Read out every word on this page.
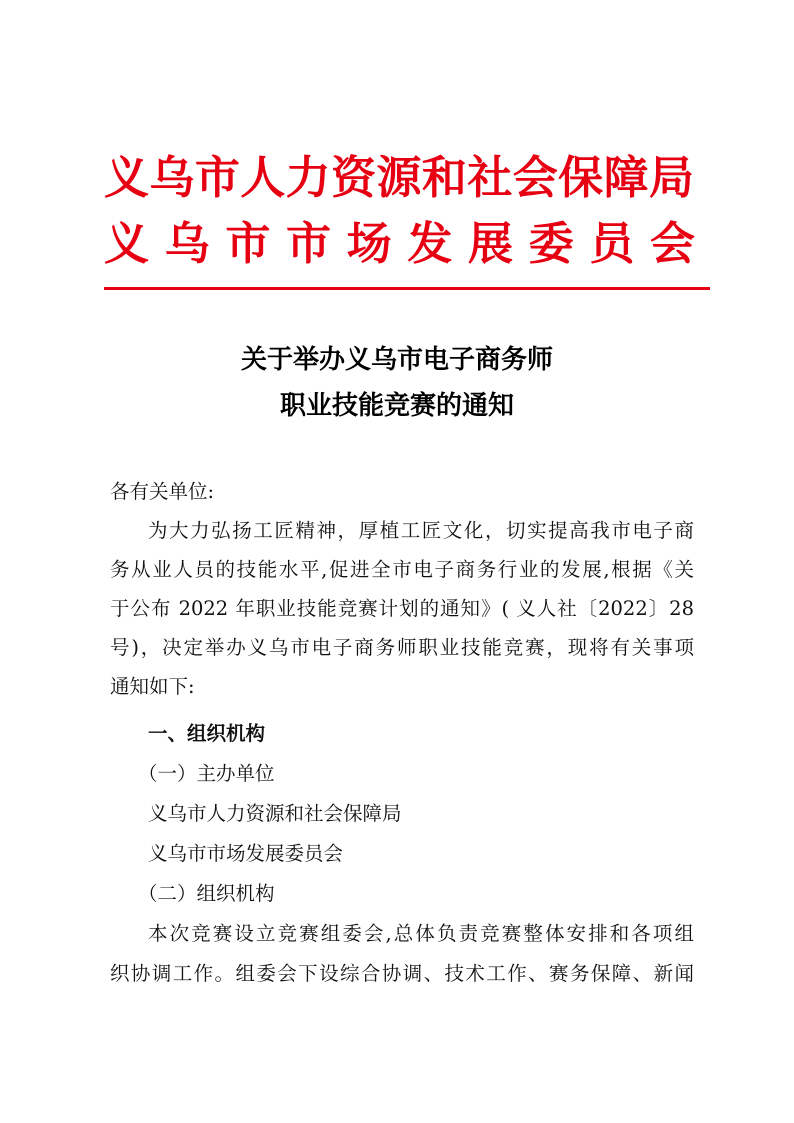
义乌市人力资源和社会保障局
义 乌 市 市 场 发 展 委 员 会
关于举办义乌市电子商务师
职业技能竞赛的通知
各有关单位:
为大力弘扬工匠精神，厚植工匠文化，切实提高我市电子商
务从业人员的技能水平,促进全市电子商务行业的发展,根据《关
于公布 2022 年职业技能竞赛计划的通知》( 义人社〔2022〕28
号)，决定举办义乌市电子商务师职业技能竞赛，现将有关事项
通知如下:
一、组织机构
（一）主办单位
义乌市人力资源和社会保障局
义乌市市场发展委员会
（二）组织机构
本次竞赛设立竞赛组委会,总体负责竞赛整体安排和各项组
织协调工作。组委会下设综合协调、技术工作、赛务保障、新闻
